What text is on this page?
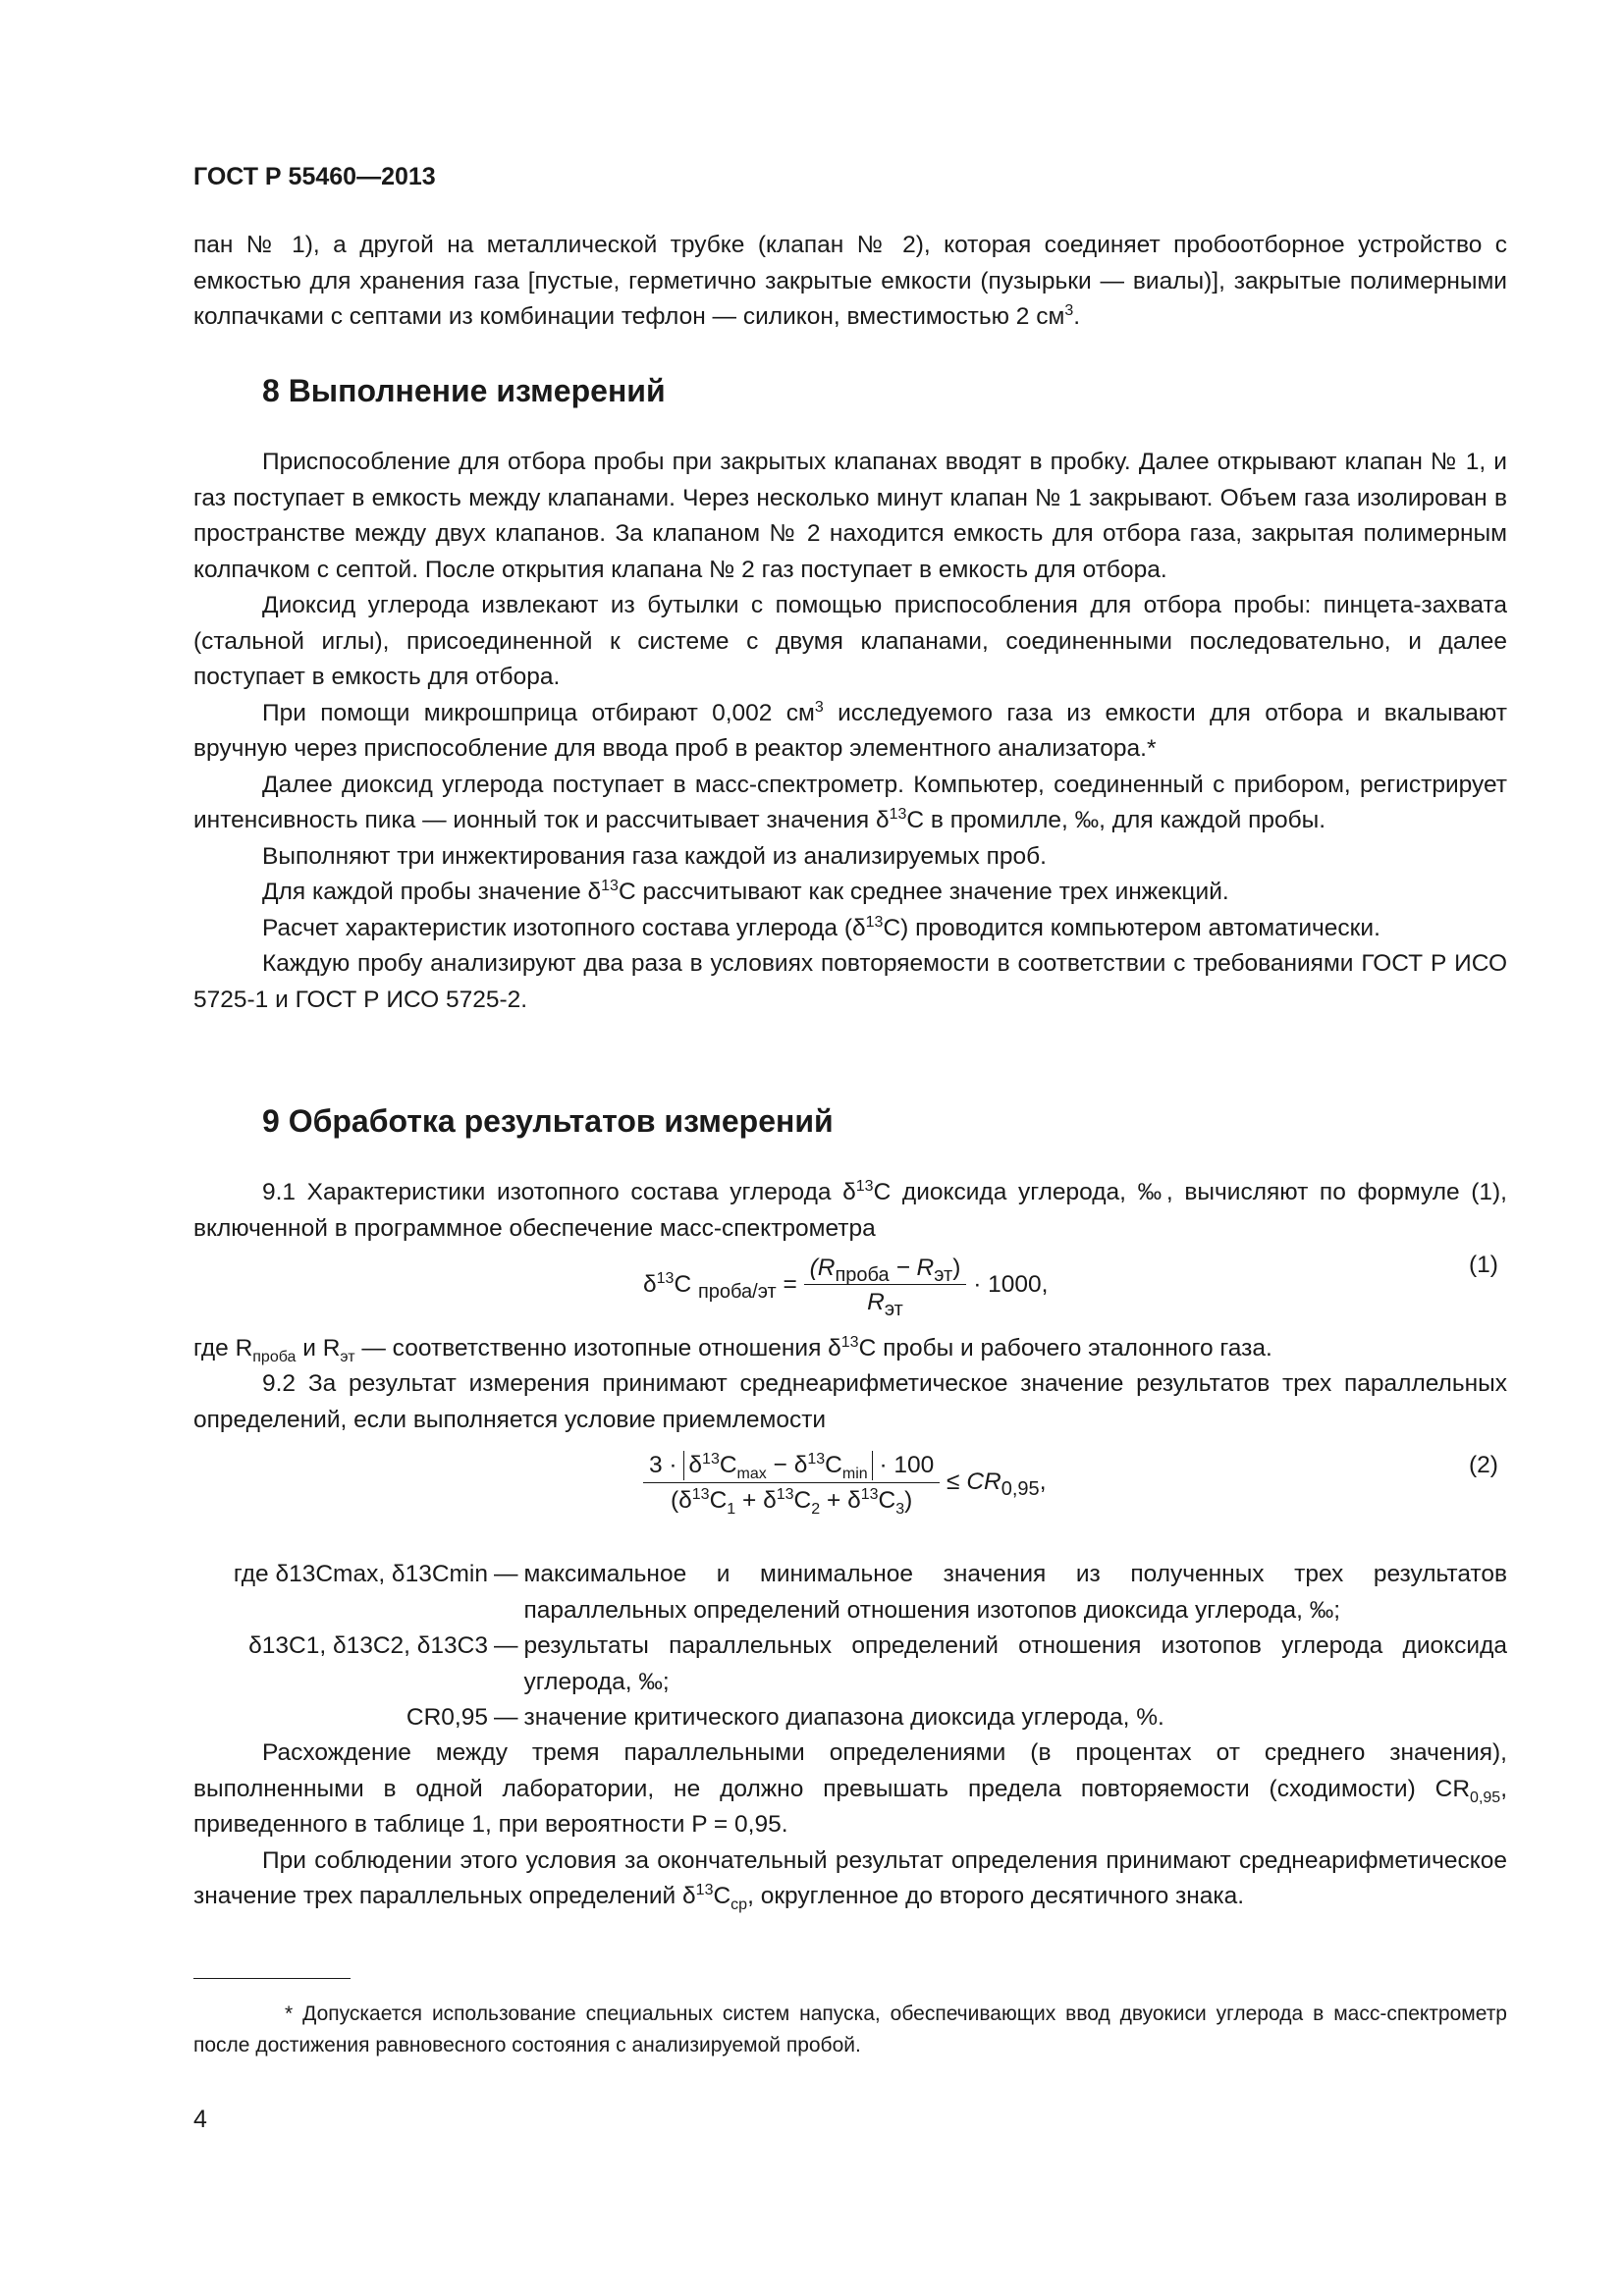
ГОСТ Р 55460—2013

пан № 1), а другой на металлической трубке (клапан № 2), которая соединяет пробоотборное устройство с емкостью для хранения газа [пустые, герметично закрытые емкости (пузырьки — виалы)], закрытые полимерными колпачками с септами из комбинации тефлон — силикон, вместимостью 2 $см^3$.

8 Выполнение измерений

Приспособление для отбора пробы при закрытых клапанах вводят в пробку. Далее открывают клапан № 1, и газ поступает в емкость между клапанами. Через несколько минут клапан № 1 закрывают. Объем газа изолирован в пространстве между двух клапанов. За клапаном № 2 находится емкость для отбора газа, закрытая полимерным колпачком с септой. После открытия клапана № 2 газ поступает в емкость для отбора.

Диоксид углерода извлекают из бутылки с помощью приспособления для отбора пробы: пинцета-захвата (стальной иглы), присоединенной к системе с двумя клапанами, соединенными последовательно, и далее поступает в емкость для отбора.

При помощи микрошприца отбирают 0,002 $см^3$ исследуемого газа из емкости для отбора и вкалывают вручную через приспособление для ввода проб в реактор элементного анализатора.*

Далее диоксид углерода поступает в масс-спектрометр. Компьютер, соединенный с прибором, регистрирует интенсивность пика — ионный ток и рассчитывает значения $\delta^{13}С$ в промилле, ‰, для каждой пробы.

Выполняют три инжектирования газа каждой из анализируемых проб.

Для каждой пробы значение $\delta^{13}С$ рассчитывают как среднее значение трех инжекций.

Расчет характеристик изотопного состава углерода $(\delta^{13}С)$ проводится компьютером автоматически.

Каждую пробу анализируют два раза в условиях повторяемости в соответствии с требованиями ГОСТ Р ИСО 5725-1 и ГОСТ Р ИСО 5725-2.

9 Обработка результатов измерений

9.1 Характеристики изотопного состава углерода $\delta^{13}С$ диоксида углерода, ‰, вычисляют по формуле (1), включенной в программное обеспечение масс-спектрометра

$\delta^{13}C$ $_{проба/эт} = \frac{(R_{проба} - R_{эт})}{R_{эт}} \cdot 1000$,
(1)

где $R_{проба}$ и $R_{эт}$ — соответственно изотопные отношения $\delta^{13}С$ пробы и рабочего эталонного газа.

9.2 За результат измерения принимают среднеарифметическое значение результатов трех параллельных определений, если выполняется условие приемлемости

$\frac{3 \cdot \delta^{13}C_{max} - \delta^{13}C_{min} \cdot 100}{(\delta^{13}C_1 + \delta^{13}C_2 + \delta^{13}C_3)} \le CR_{0,95}$,
(2)
где δ13Cmax, δ13Cmin — максимальное и минимальное значения из полученных трех результатов параллельных определений отношения изотопов диоксида углерода, ‰;
δ13C1, δ13C2, δ13C3 — результаты параллельных определений отношения изотопов углерода диоксида углерода, ‰;
CR0,95 — значение критического диапазона диоксида углерода, %.

Расхождение между тремя параллельными определениями (в процентах от среднего значения), выполненными в одной лаборатории, не должно превышать предела повторяемости (сходимости) $CR_{0,95}$, приведенного в таблице 1, при вероятности P = 0,95.

При соблюдении этого условия за окончательный результат определения принимают среднеарифметическое значение трех параллельных определений $\delta^{13}C_{ср}$, округленное до второго десятичного знака.

* Допускается использование специальных систем напуска, обеспечивающих ввод двуокиси углерода в масс-спектрометр после достижения равновесного состояния с анализируемой пробой.
4
